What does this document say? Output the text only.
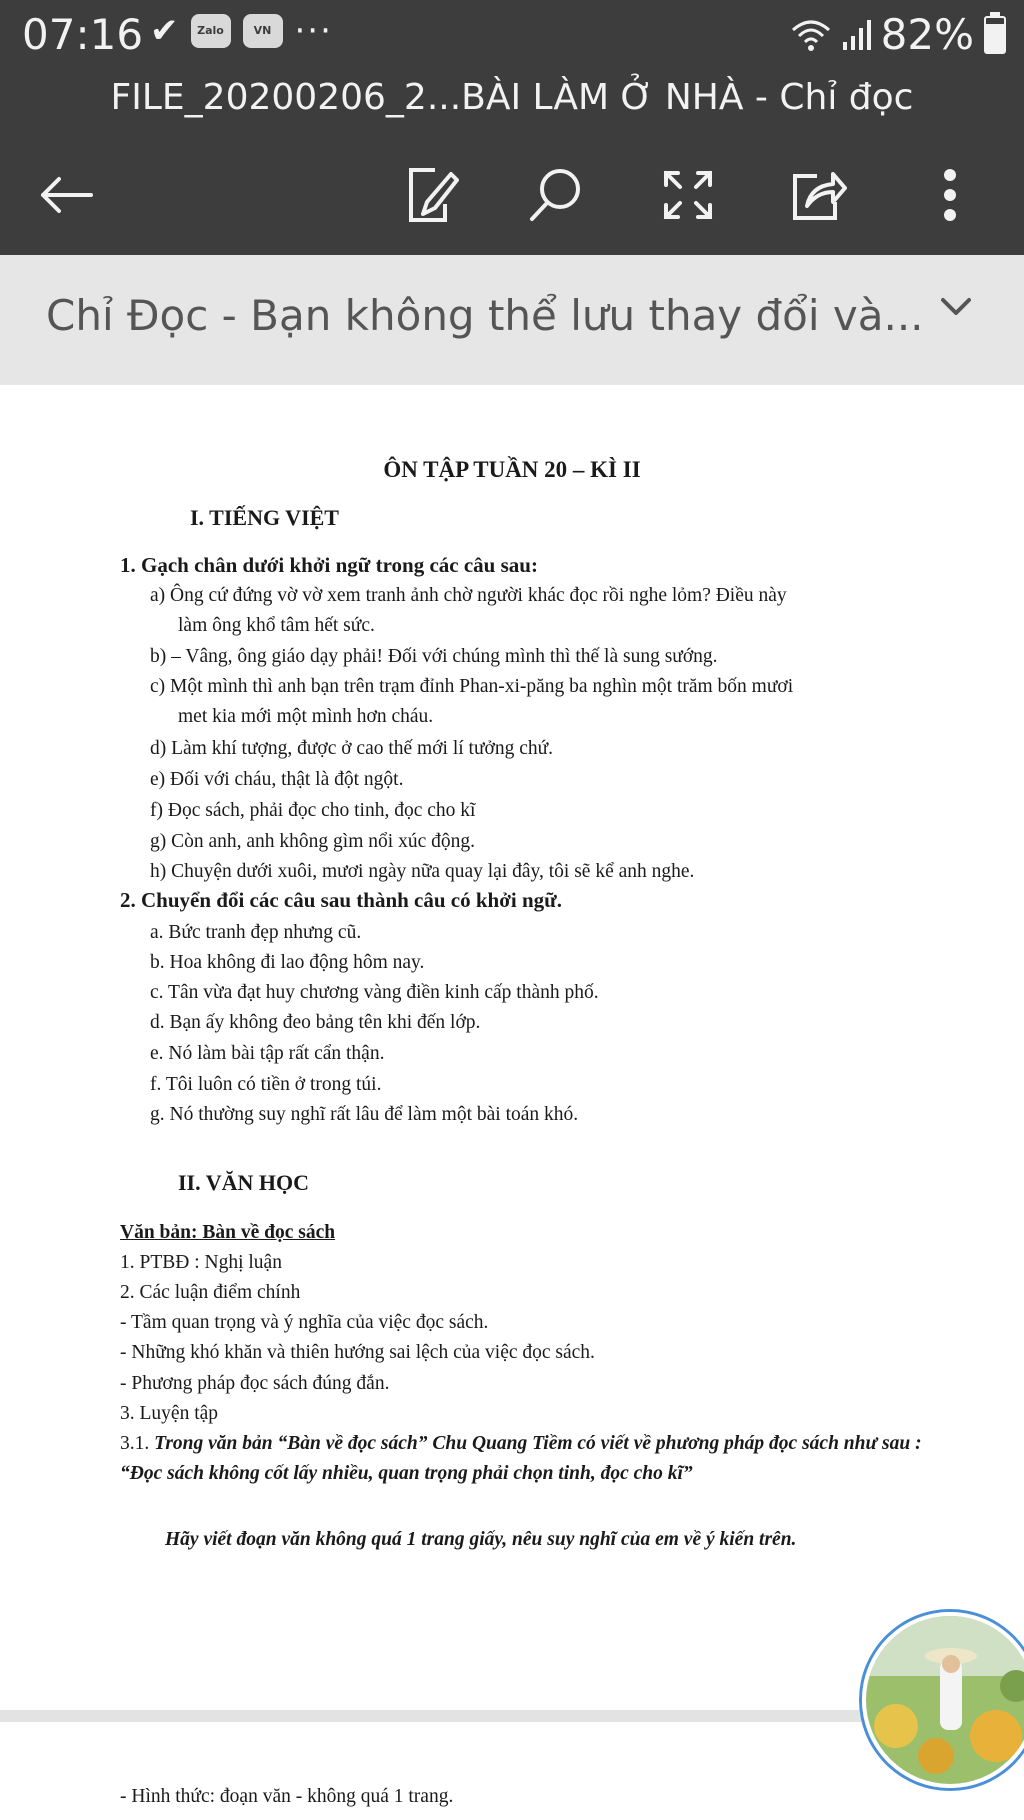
07:16 ✔	Zalo	VN ···	82%
FILE_20200206_2...BÀI LÀM Ở NHÀ - Chỉ đọc
Chỉ Đọc - Bạn không thể lưu thay đổi và...
ÔN TẬP TUẦN 20 – KÌ II
I. TIẾNG VIỆT
1. Gạch chân dưới khởi ngữ trong các câu sau:
a) Ông cứ đứng vờ vờ xem tranh ảnh chờ người khác đọc rồi nghe lỏm? Điều này
làm ông khổ tâm hết sức.
b) – Vâng, ông giáo dạy phải! Đối với chúng mình thì thế là sung sướng.
c) Một mình thì anh bạn trên trạm đỉnh Phan-xi-păng ba nghìn một trăm bốn mươi
met kia mới một mình hơn cháu.
d) Làm khí tượng, được ở cao thế mới lí tưởng chứ.
e) Đối với cháu, thật là đột ngột.
f) Đọc sách, phải đọc cho tinh, đọc cho kĩ
g) Còn anh, anh không gìm nổi xúc động.
h) Chuyện dưới xuôi, mươi ngày nữa quay lại đây, tôi sẽ kể anh nghe.
2. Chuyển đổi các câu sau thành câu có khởi ngữ.
a. Bức tranh đẹp nhưng cũ.
b. Hoa không đi lao động hôm nay.
c. Tân vừa đạt huy chương vàng điền kinh cấp thành phố.
d. Bạn ấy không đeo bảng tên khi đến lớp.
e. Nó làm bài tập rất cẩn thận.
f. Tôi luôn có tiền ở trong túi.
g. Nó thường suy nghĩ rất lâu để làm một bài toán khó.
II. VĂN HỌC
Văn bản: Bàn về đọc sách
1. PTBĐ : Nghị luận
2. Các luận điểm chính
- Tầm quan trọng và ý nghĩa của việc đọc sách.
- Những khó khăn và thiên hướng sai lệch của việc đọc sách.
- Phương pháp đọc sách đúng đắn.
3. Luyện tập
3.1. Trong văn bản “Bàn về đọc sách” Chu Quang Tiềm có viết về phương pháp đọc sách như sau : “Đọc sách không cốt lấy nhiều, quan trọng phải chọn tinh, đọc cho kĩ”
Hãy viết đoạn văn không quá 1 trang giấy, nêu suy nghĩ của em về ý kiến trên.
- Hình thức: đoạn văn - không quá 1 trang.
